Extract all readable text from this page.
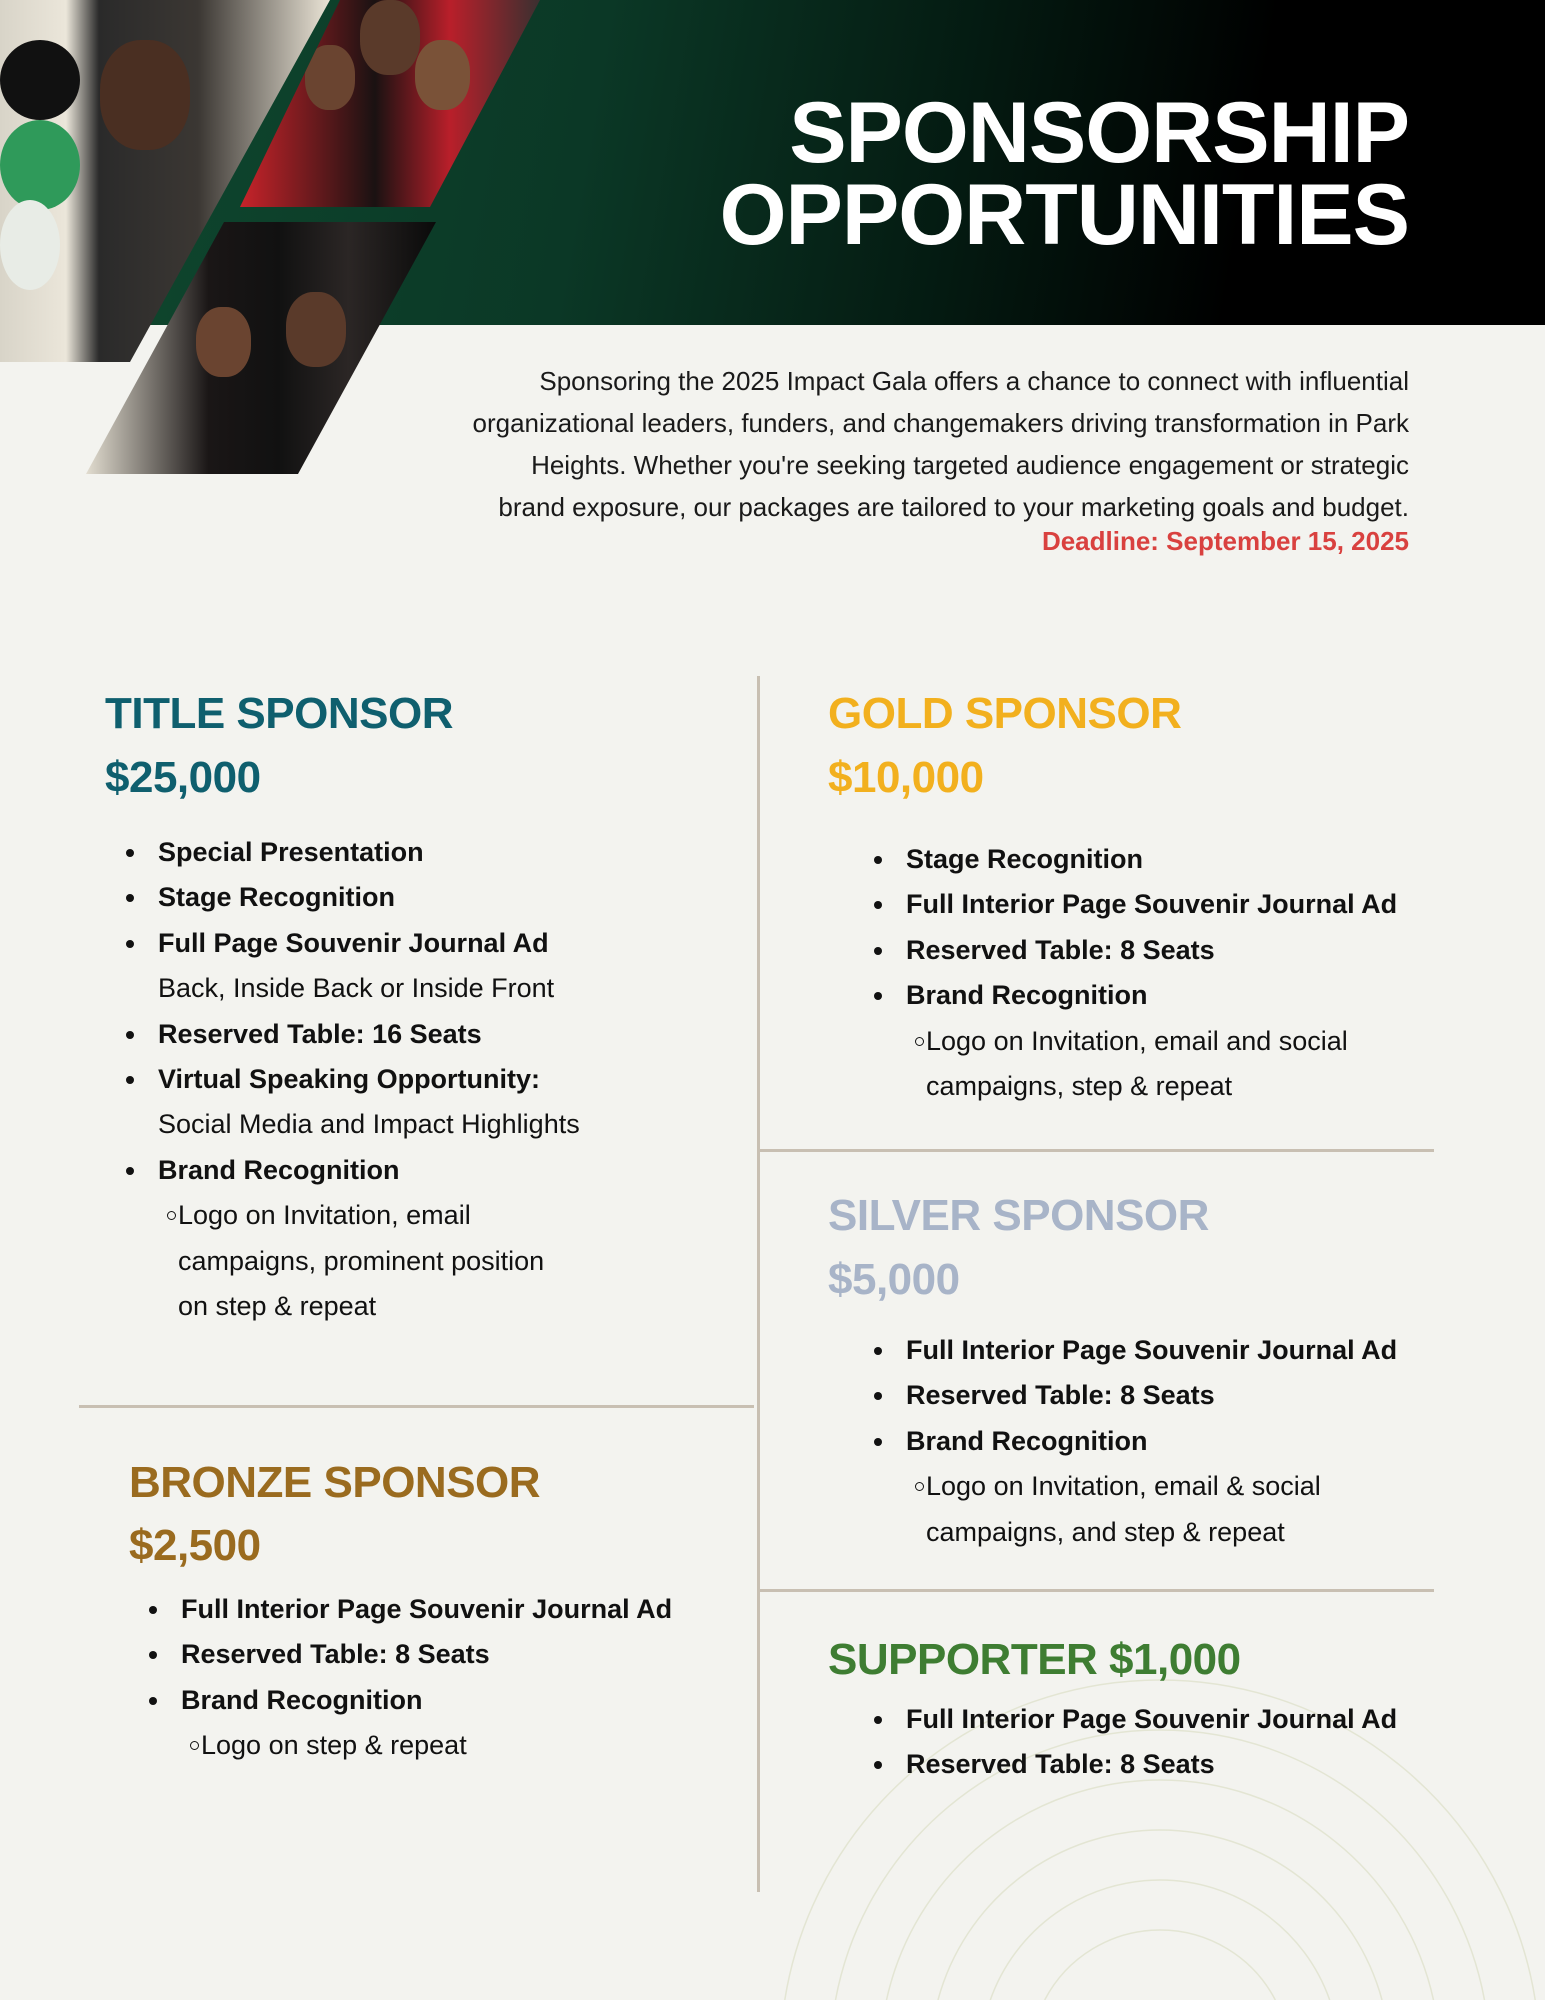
SPONSORSHIP
OPPORTUNITIES
Sponsoring the 2025 Impact Gala offers a chance to connect with influential
organizational leaders, funders, and changemakers driving transformation in Park
Heights. Whether you're seeking targeted audience engagement or strategic
brand exposure, our packages are tailored to your marketing goals and budget.
Deadline: September 15, 2025
TITLE SPONSOR
$25,000
Special Presentation
Stage Recognition
Full Page Souvenir Journal Ad
Back, Inside Back or Inside Front
Reserved Table: 16 Seats
Virtual Speaking Opportunity:
Social Media and Impact Highlights
Brand Recognition
Logo on Invitation, email
campaigns, prominent position
on step & repeat
GOLD SPONSOR
$10,000
Stage Recognition
Full Interior Page Souvenir Journal Ad
Reserved Table: 8 Seats
Brand Recognition
Logo on Invitation, email and social
campaigns, step & repeat
SILVER SPONSOR
$5,000
Full Interior Page Souvenir Journal Ad
Reserved Table: 8 Seats
Brand Recognition
Logo on Invitation, email & social
campaigns, and step & repeat
BRONZE SPONSOR
$2,500
Full Interior Page Souvenir Journal Ad
Reserved Table: 8 Seats
Brand Recognition
Logo on step & repeat
SUPPORTER $1,000
Full Interior Page Souvenir Journal Ad
Reserved Table: 8 Seats
